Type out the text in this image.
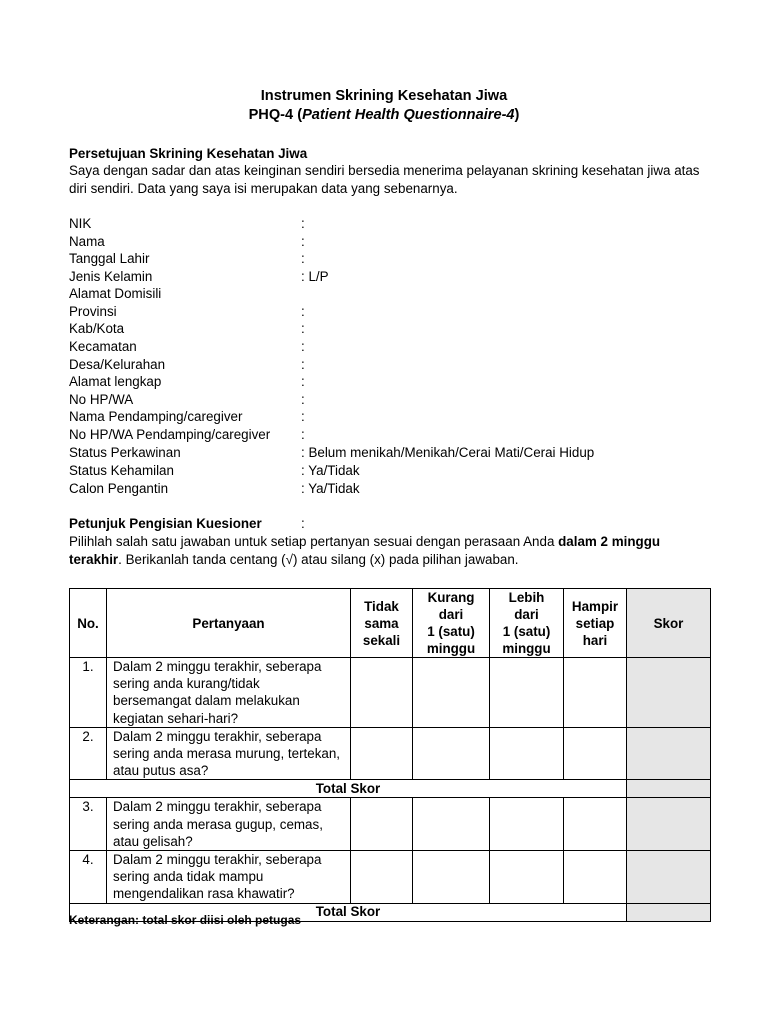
Instrumen Skrining Kesehatan Jiwa
PHQ-4 (Patient Health Questionnaire-4)
Persetujuan Skrining Kesehatan Jiwa
Saya dengan sadar dan atas keinginan sendiri bersedia menerima pelayanan skrining kesehatan jiwa atas diri sendiri. Data yang saya isi merupakan data yang sebenarnya.
NIK	:
Nama	:
Tanggal Lahir	:
Jenis Kelamin	: L/P
Alamat Domisili
Provinsi	:
Kab/Kota	:
Kecamatan	:
Desa/Kelurahan	:
Alamat lengkap	:
No HP/WA	:
Nama Pendamping/caregiver	:
No HP/WA Pendamping/caregiver :
Status Perkawinan	: Belum menikah/Menikah/Cerai Mati/Cerai Hidup
Status Kehamilan	: Ya/Tidak
Calon Pengantin	: Ya/Tidak
Petunjuk Pengisian Kuesioner	:
Pilihlah salah satu jawaban untuk setiap pertanyan sesuai dengan perasaan Anda dalam 2 minggu terakhir. Berikanlah tanda centang (√) atau silang (x) pada pilihan jawaban.
No.	Pertanyaan	Tidak
sama
sekali	Kurang
dari
1 (satu)
minggu	Lebih
dari
1 (satu)
minggu	Hampir
setiap
hari	Skor
1.	Dalam 2 minggu terakhir, seberapa
sering anda kurang/tidak
bersemangat dalam melakukan
kegiatan sehari-hari?					
2.	Dalam 2 minggu terakhir, seberapa
sering anda merasa murung, tertekan,
atau putus asa?					
Total Skor						
3.	Dalam 2 minggu terakhir, seberapa
sering anda merasa gugup, cemas,
atau gelisah?					
4.	Dalam 2 minggu terakhir, seberapa
sering anda tidak mampu
mengendalikan rasa khawatir?					
Total Skor						
Keterangan: total skor diisi oleh petugas
